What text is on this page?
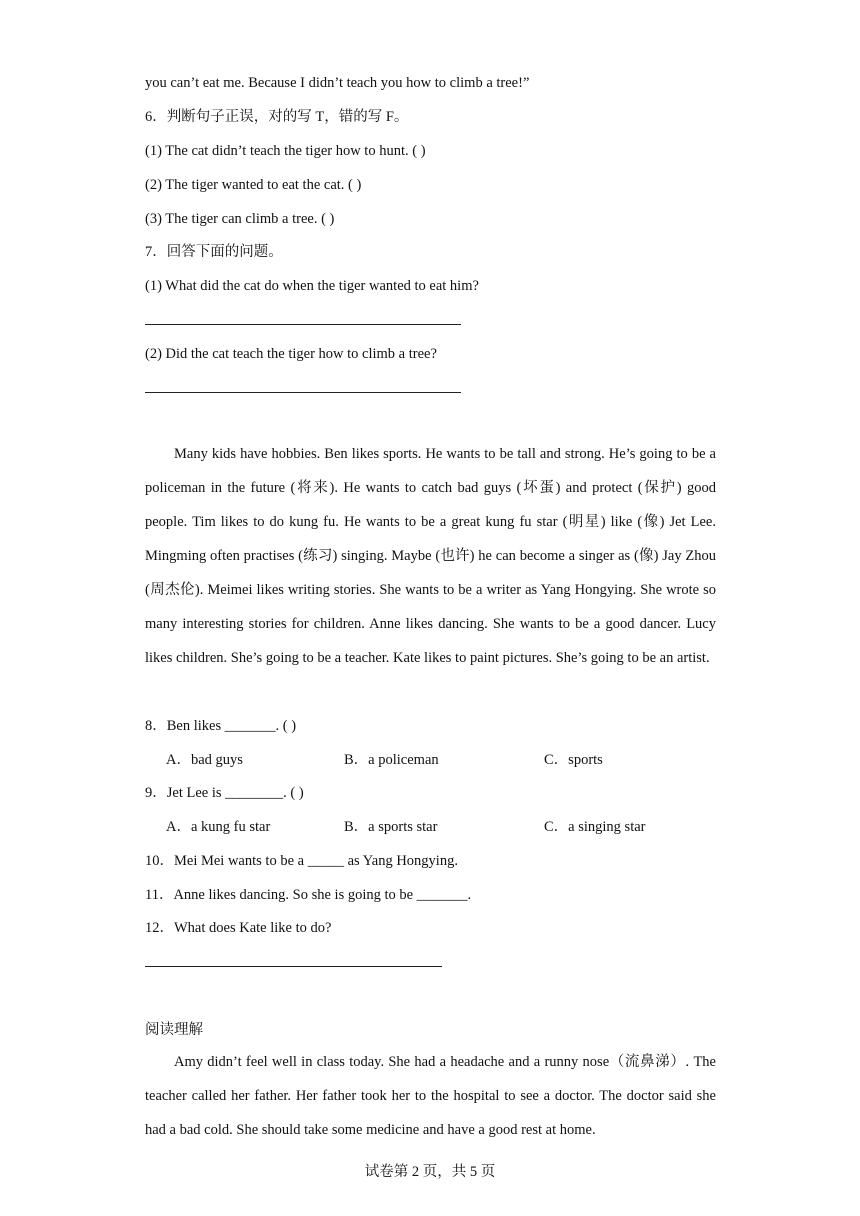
you can’t eat me. Because I didn’t teach you how to climb a tree!”
6．判断句子正误，对的写 T，错的写 F。
(1) The cat didn’t teach the tiger how to hunt. ( )
(2) The tiger wanted to eat the cat. ( )
(3) The tiger can climb a tree. ( )
7．回答下面的问题。
(1) What did the cat do when the tiger wanted to eat him?
(2) Did the cat teach the tiger how to climb a tree?
Many kids have hobbies. Ben likes sports. He wants to be tall and strong. He’s going to be a policeman in the future (将来). He wants to catch bad guys (坏蛋) and protect (保护) good people. Tim likes to do kung fu. He wants to be a great kung fu star (明星) like (像) Jet Lee. Mingming often practises (练习) singing. Maybe (也许) he can become a singer as (像) Jay Zhou (周杰伦). Meimei likes writing stories. She wants to be a writer as Yang Hongying. She wrote so many interesting stories for children. Anne likes dancing. She wants to be a good dancer. Lucy likes children. She’s going to be a teacher. Kate likes to paint pictures. She’s going to be an artist.
8．Ben likes _______. ( )
A．bad guys	B．a policeman	C．sports
9．Jet Lee is ________. ( )
A．a kung fu star	B．a sports star	C．a singing star
10．Mei Mei wants to be a _____ as Yang Hongying.
11．Anne likes dancing. So she is going to be _______.
12．What does Kate like to do?
阅读理解
Amy didn’t feel well in class today. She had a headache and a runny nose（流鼻涕）. The teacher called her father. Her father took her to the hospital to see a doctor. The doctor said she had a bad cold. She should take some medicine and have a good rest at home.
试卷第 2 页，共 5 页
